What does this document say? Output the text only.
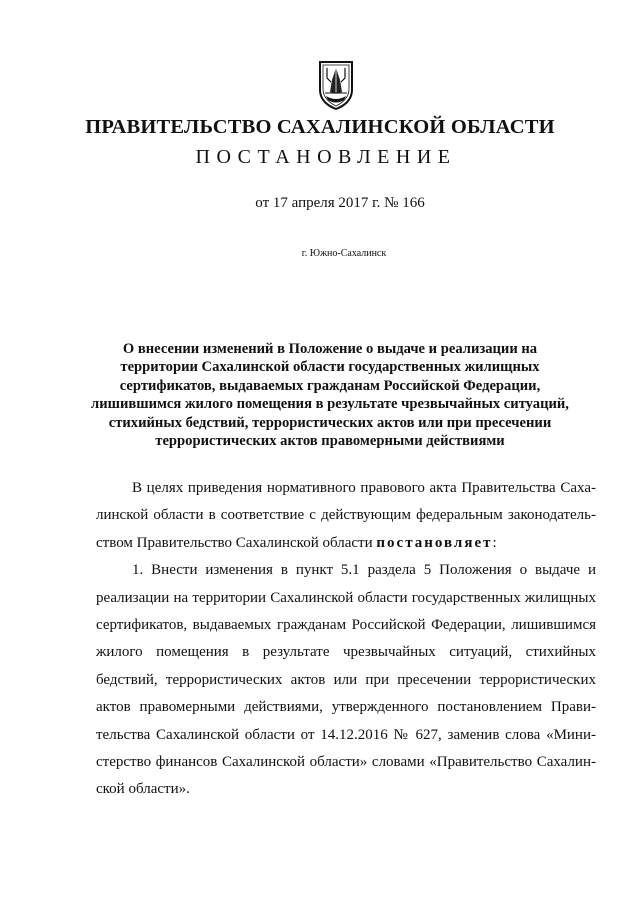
ПРАВИТЕЛЬСТВО САХАЛИНСКОЙ ОБЛАСТИ
ПОСТАНОВЛЕНИЕ
от 17 апреля 2017 г. № 166
г. Южно-Сахалинск
О внесении изменений в Положение о выдаче и реализации на
территории Сахалинской области государственных жилищных
сертификатов, выдаваемых гражданам Российской Федерации,
лишившимся жилого помещения в результате чрезвычайных ситуаций,
стихийных бедствий, террористических актов или при пресечении
террористических актов правомерными действиями
В целях приведения нормативного правового акта Правительства Саха-
линской области в соответствие с действующим федеральным законодатель-
ством Правительство Сахалинской области постановляет:
1. Внести изменения в пункт 5.1 раздела 5 Положения о выдаче и
реализации на территории Сахалинской области государственных жилищных
сертификатов, выдаваемых гражданам Российской Федерации, лишившимся
жилого помещения в результате чрезвычайных ситуаций, стихийных
бедствий, террористических актов или при пресечении террористических
актов правомерными действиями, утвержденного постановлением Прави-
тельства Сахалинской области от 14.12.2016 № 627, заменив слова «Мини-
стерство финансов Сахалинской области» словами «Правительство Сахалин-
ской области».
